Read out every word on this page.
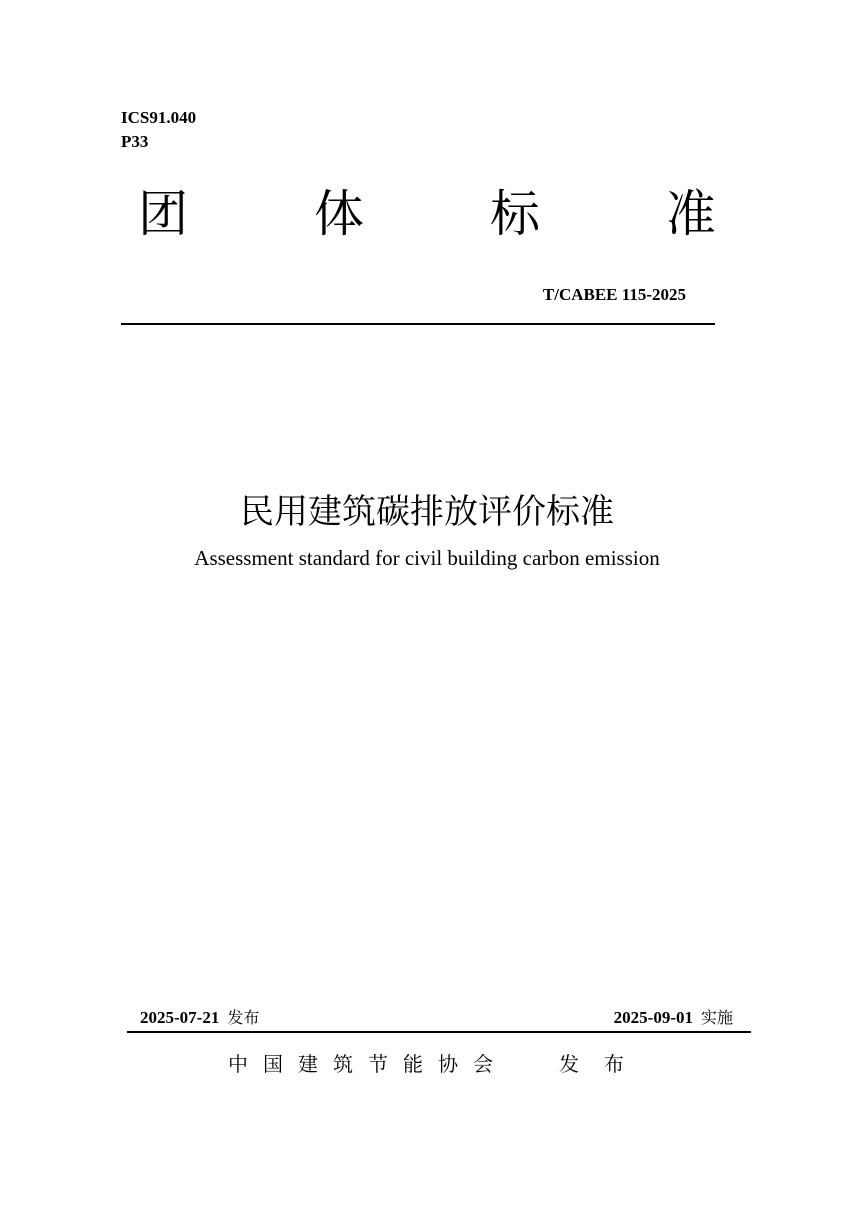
ICS91.040
P33
团 体 标 准
T/CABEE 115-2025
民用建筑碳排放评价标准
Assessment standard for civil building carbon emission
2025-07-21 发布	2025-09-01 实施
中国建筑节能协会	发布
